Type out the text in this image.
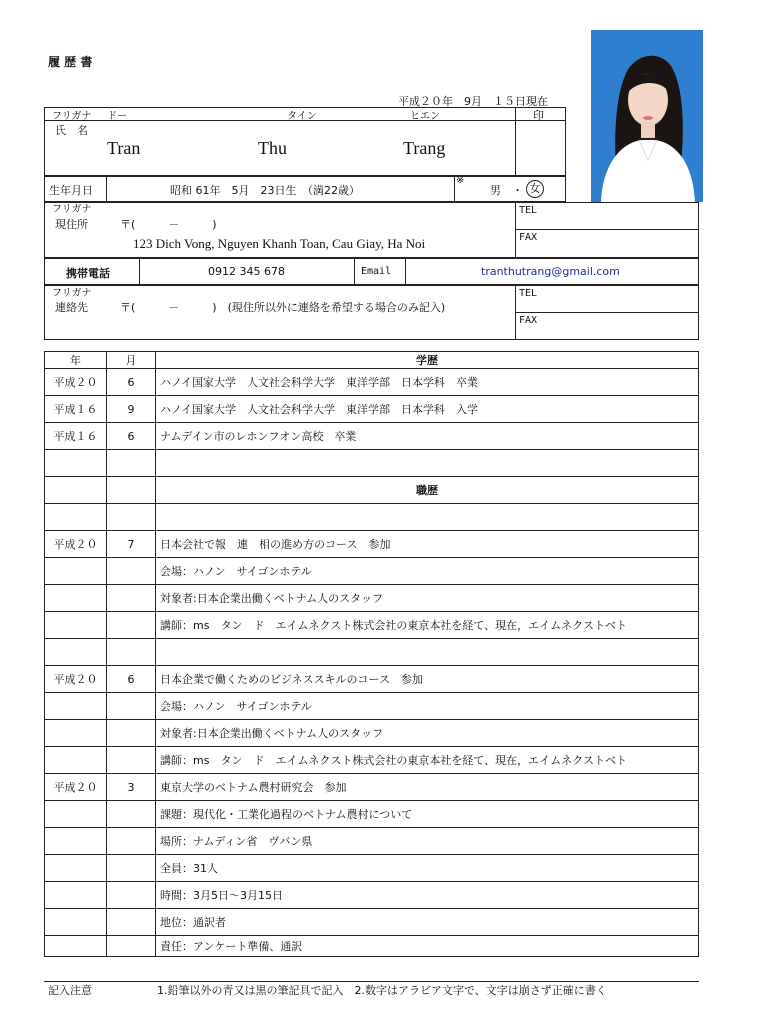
履 歴 書
平成２０年　9月　１５日現在
フリガナ ドー	タイン	ヒエン	印
氏　名
Tran	Thu	Trang
生年月日	昭和 61年　5月　23日生　（満22歳）
※
男　・ 女
フリガナ
現住所	〒(　　　－　　　)
123 Dich Vong, Nguyen Khanh Toan, Cau Giay, Ha Noi
TEL
FAX
携帯電話	0912 345 678	Email	tranthutrang@gmail.com
フリガナ
連絡先	〒(　　　－　　　)　(現住所以外に連絡を希望する場合のみ記入)
TEL
FAX
年	月	学歴
平成２０	6	ハノイ国家大学　人文社会科学大学　東洋学部　日本学科　卒業
平成１６	9	ハノイ国家大学　人文社会科学大学　東洋学部　日本学科　入学
平成１６	6	ナムデイン市のレホンフオン高校　卒業

		職歴

平成２０	7	日本会社で報　連　相の進め方のコース　参加
		会場：ハノン　サイゴンホテル
		対象者:日本企業出働くベトナム人のスタッフ
		講師：ms　タン　ド　エイムネクスト株式会社の東京本社を経て、現在，エイムネクストベト

平成２０	6	日本企業で働くためのビジネススキルのコース　参加
		会場：ハノン　サイゴンホテル
		対象者:日本企業出働くベトナム人のスタッフ
		講師：ms　タン　ド　エイムネクスト株式会社の東京本社を経て、現在，エイムネクストベト
平成２０	3	東京大学のベトナム農村研究会　参加
		課題：現代化・工業化過程のベトナム農村について
		場所：ナムディン省　ヴバン県
		全員：31人
		時間：3月5日～3月15日
		地位：通訳者
		責任：アンケート準備、通訳
記入注意	1.鉛筆以外の青又は黒の筆記具で記入　2.数字はアラビア文字で、文字は崩さず正確に書く
